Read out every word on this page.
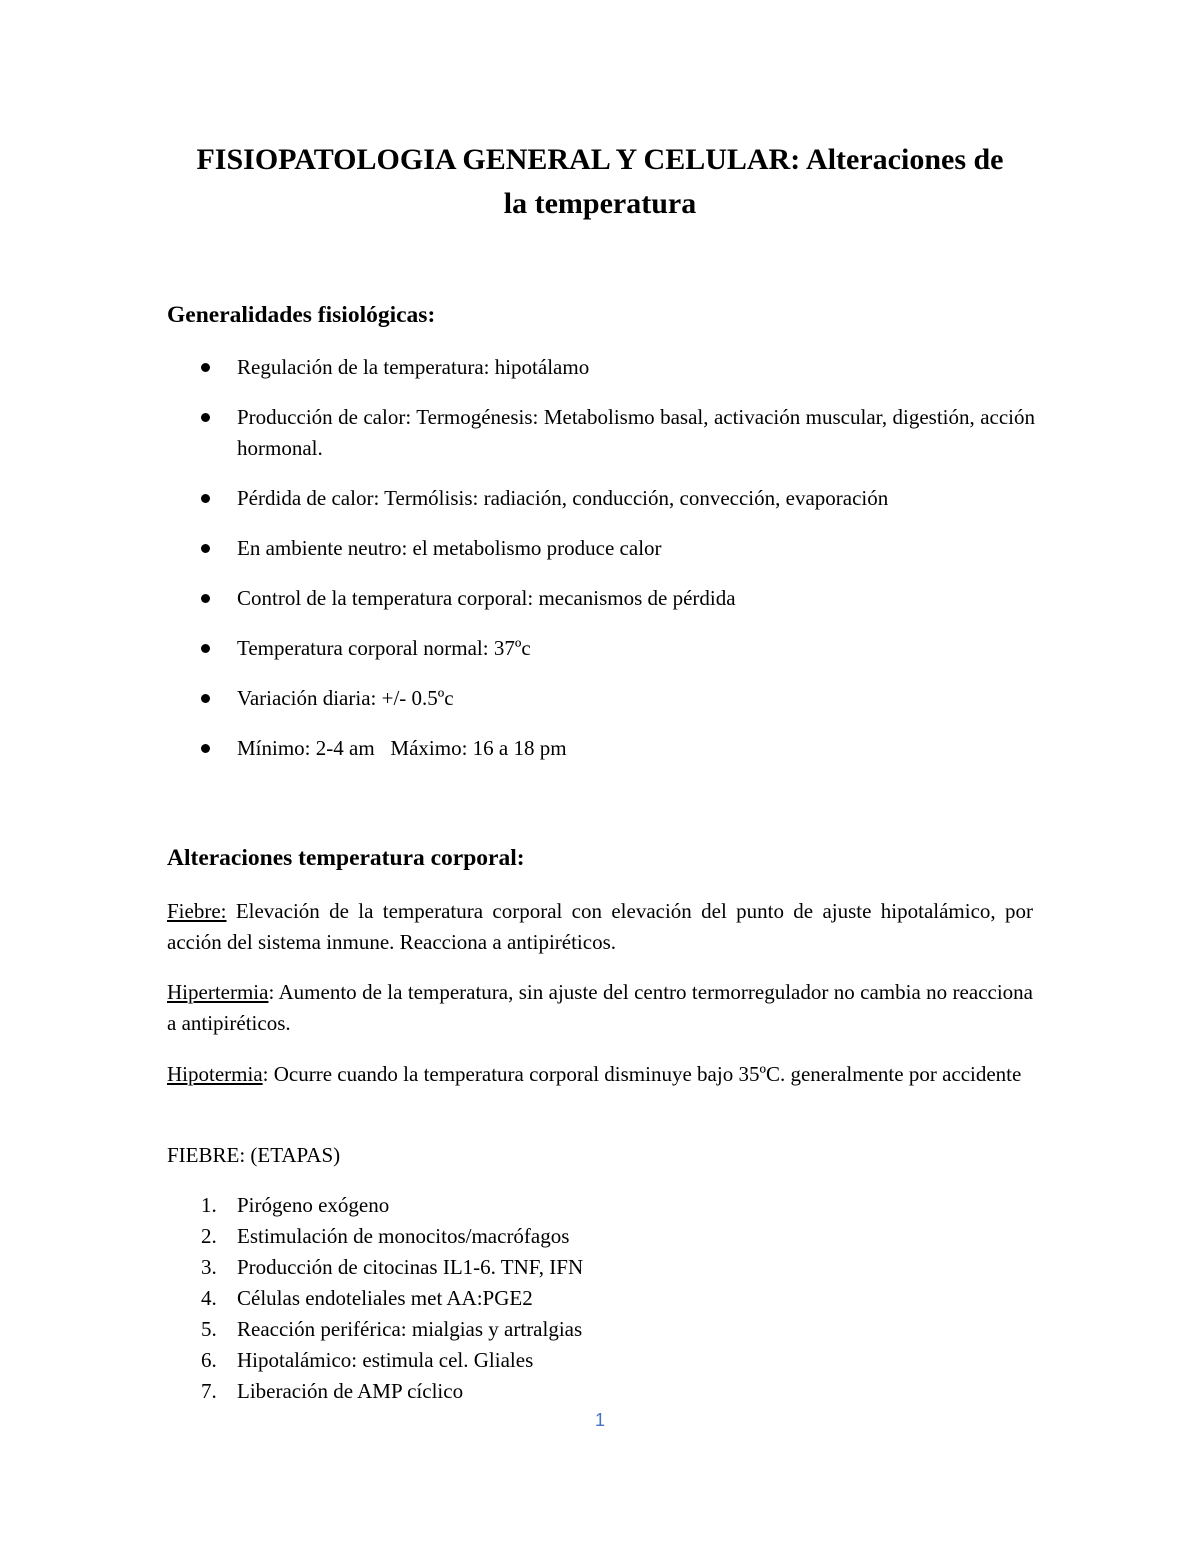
FISIOPATOLOGIA GENERAL Y CELULAR: Alteraciones de
la temperatura
Generalidades fisiológicas:
Regulación de la temperatura: hipotálamo
Producción de calor: Termogénesis: Metabolismo basal, activación muscular, digestión, acción hormonal.
Pérdida de calor: Termólisis: radiación, conducción, convección, evaporación
En ambiente neutro: el metabolismo produce calor
Control de la temperatura corporal: mecanismos de pérdida
Temperatura corporal normal: 37ºc
Variación diaria: +/- 0.5ºc
Mínimo: 2-4 am   Máximo: 16 a 18 pm
Alteraciones temperatura corporal:

Fiebre: Elevación de la temperatura corporal con elevación del punto de ajuste hipotalámico, por acción del sistema inmune. Reacciona a antipiréticos.

Hipertermia: Aumento de la temperatura, sin ajuste del centro termorregulador no cambia no reacciona a antipiréticos.

Hipotermia: Ocurre cuando la temperatura corporal disminuye bajo 35ºC. generalmente por accidente

FIEBRE: (ETAPAS)

1. Pirógeno exógeno
2. Estimulación de monocitos/macrófagos
3. Producción de citocinas IL1-6. TNF, IFN
4. Células endoteliales met AA:PGE2
5. Reacción periférica: mialgias y artralgias
6. Hipotalámico: estimula cel. Gliales
7. Liberación de AMP cíclico
1
